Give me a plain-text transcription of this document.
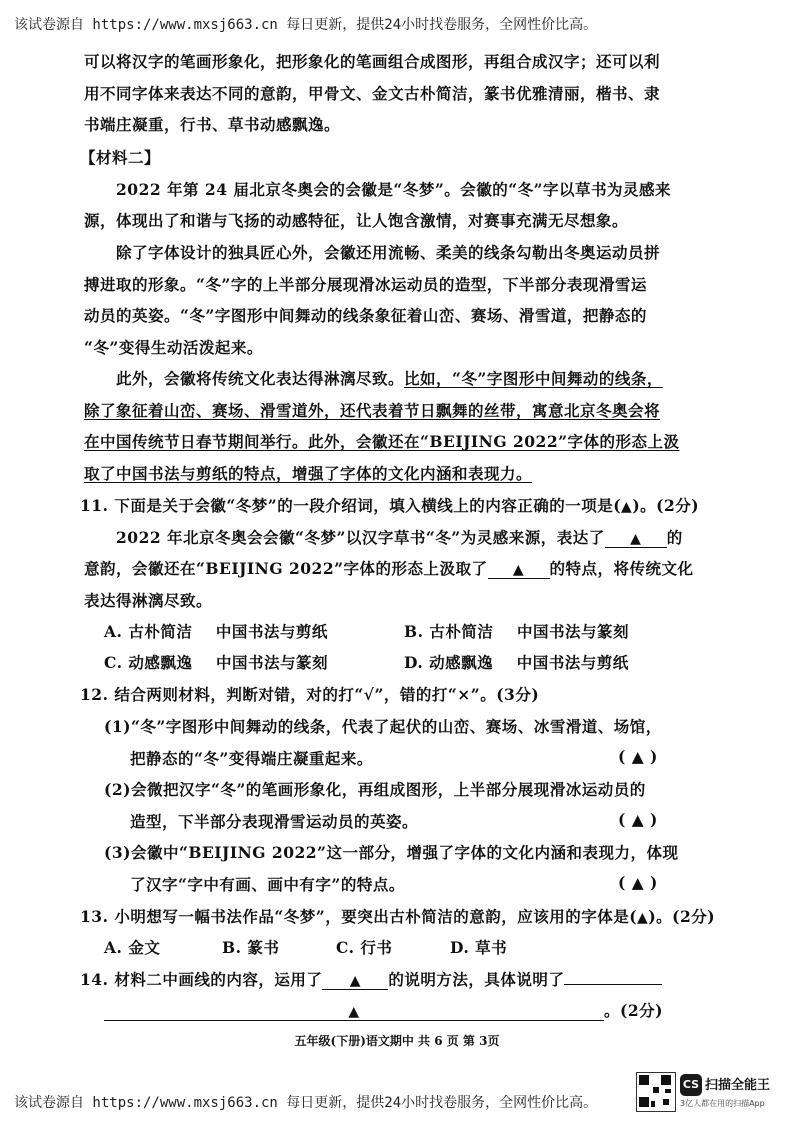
该试卷源自 https://www.mxsj663.cn 每日更新，提供24小时找卷服务，全网性价比高。
可以将汉字的笔画形象化，把形象化的笔画组合成图形，再组合成汉字；还可以利
用不同字体来表达不同的意韵，甲骨文、金文古朴简洁，篆书优雅清丽，楷书、隶
书端庄凝重，行书、草书动感飘逸。
【材料二】
2022 年第 24 届北京冬奥会的会徽是“冬梦”。会徽的“冬”字以草书为灵感来
源，体现出了和谐与飞扬的动感特征，让人饱含激情，对赛事充满无尽想象。
除了字体设计的独具匠心外，会徽还用流畅、柔美的线条勾勒出冬奥运动员拼
搏进取的形象。“冬”字的上半部分展现滑冰运动员的造型，下半部分表现滑雪运
动员的英姿。“冬”字图形中间舞动的线条象征着山峦、赛场、滑雪道，把静态的
“冬”变得生动活泼起来。
此外，会徽将传统文化表达得淋漓尽致。比如，“冬”字图形中间舞动的线条，
除了象征着山峦、赛场、滑雪道外，还代表着节日飘舞的丝带，寓意北京冬奥会将
在中国传统节日春节期间举行。此外，会徽还在“BEIJING 2022”字体的形态上汲
取了中国书法与剪纸的特点，增强了字体的文化内涵和表现力。
11. 下面是关于会徽“冬梦”的一段介绍词，填入横线上的内容正确的一项是(▲)。(2分)
2022 年北京冬奥会会徽“冬梦”以汉字草书“冬”为灵感来源，表达了 ▲ 的
意韵，会徽还在“BEIJING 2022”字体的形态上汲取了 ▲ 的特点，将传统文化
表达得淋漓尽致。
A. 古朴简洁 中国书法与剪纸	B. 古朴简洁 中国书法与篆刻
C. 动感飘逸 中国书法与篆刻	D. 动感飘逸 中国书法与剪纸
12. 结合两则材料，判断对错，对的打“√”，错的打“×”。(3分)
(1)“冬”字图形中间舞动的线条，代表了起伏的山峦、赛场、冰雪滑道、场馆，
把静态的“冬”变得端庄凝重起来。	( ▲ )
(2)会微把汉字“冬”的笔画形象化，再组成图形，上半部分展现滑冰运动员的
造型，下半部分表现滑雪运动员的英姿。	( ▲ )
(3)会徽中“BEIJING 2022”这一部分，增强了字体的文化内涵和表现力，体现
了汉字“字中有画、画中有字”的特点。	( ▲ )
13. 小明想写一幅书法作品“冬梦”，要突出古朴简洁的意韵，应该用的字体是(▲)。(2分)
A. 金文	B. 篆书	C. 行书	D. 草书
14. 材料二中画线的内容，运用了 ▲ 的说明方法，具体说明了
▲	。(2分)
五年级(下册)语文期中 共 6 页 第 3页
该试卷源自 https://www.mxsj663.cn 每日更新，提供24小时找卷服务，全网性价比高。
CS 扫描全能王
3亿人都在用的扫描App
